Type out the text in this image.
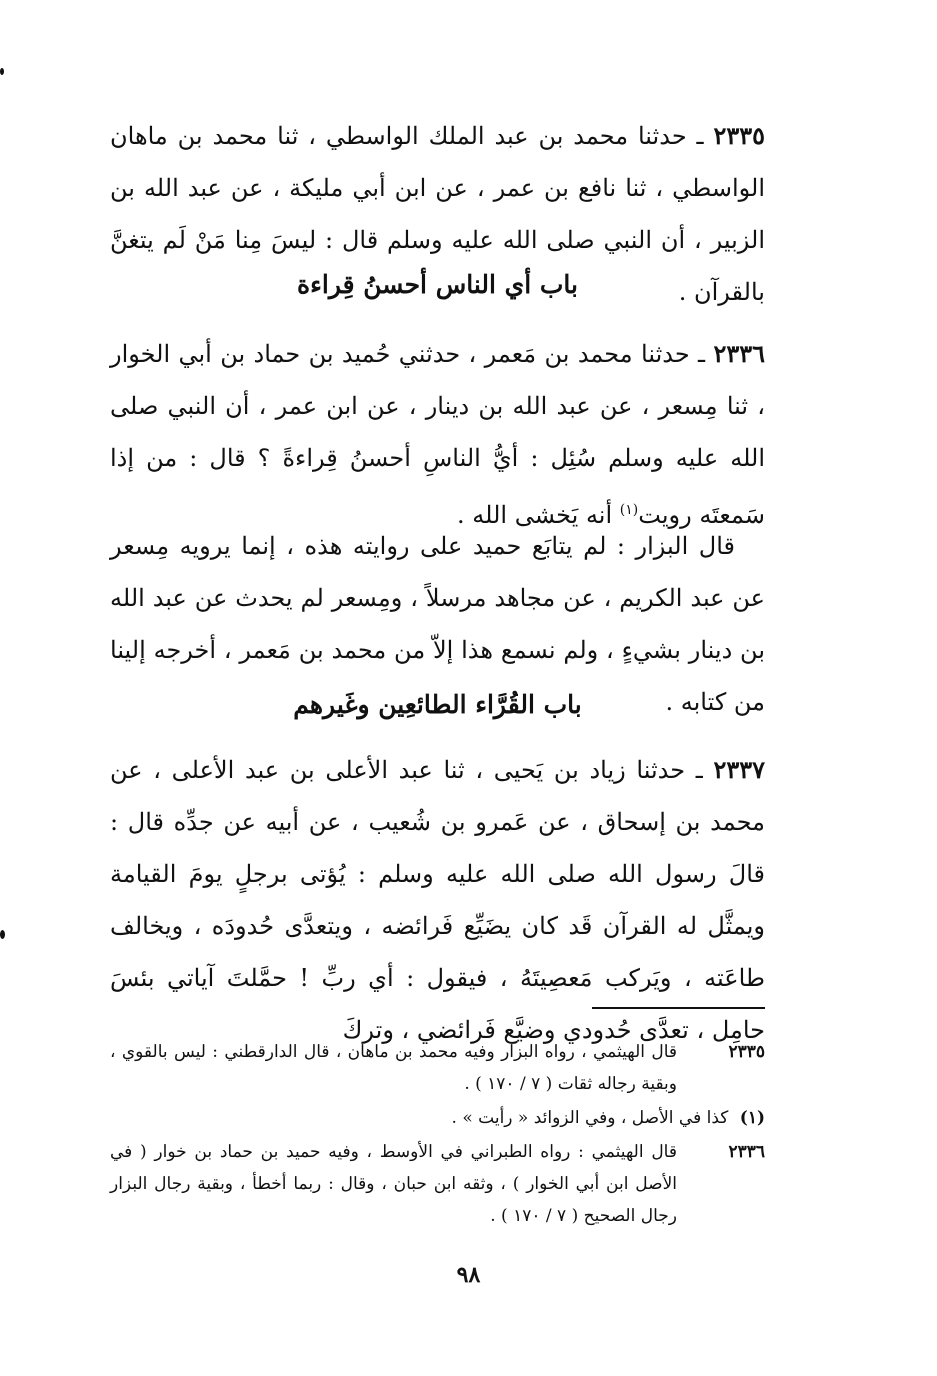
٢٣٣٥ ـ حدثنا محمد بن عبد الملك الواسطي ، ثنا محمد بن ماهان الواسطي ، ثنا نافع بن عمر ، عن ابن أبي مليكة ، عن عبد الله بن الزبير ، أن النبي صلى الله عليه وسلم قال : ليسَ مِنا مَنْ لَم يتغنَّ بالقرآن .
باب أي الناس أحسنُ قِراءة
٢٣٣٦ ـ حدثنا محمد بن مَعمر ، حدثني حُميد بن حماد بن أبي الخوار ، ثنا مِسعر ، عن عبد الله بن دينار ، عن ابن عمر ، أن النبي صلى الله عليه وسلم سُئِل : أيُّ الناسِ أحسنُ قِراءةً ؟ قال : من إذا سَمعتَه رويت$^{(١)}$ أنه يَخشى الله .
قال البزار : لم يتابَع حميد على روايته هذه ، إنما يرويه مِسعر عن عبد الكريم ، عن مجاهد مرسلاً ، ومِسعر لم يحدث عن عبد الله بن دينار بشيءٍ ، ولم نسمع هذا إلاّ من محمد بن مَعمر ، أخرجه إلينا من كتابه .
باب القُرَّاء الطائعِين وغَيرهم
٢٣٣٧ ـ حدثنا زياد بن يَحيى ، ثنا عبد الأعلى بن عبد الأعلى ، عن محمد بن إسحاق ، عن عَمرو بن شُعيب ، عن أبيه عن جدِّه قال : قالَ رسول الله صلى الله عليه وسلم : يُؤتى برجلٍ يومَ القيامة ويمثَّل له القرآن قَد كان يضَيِّع فَرائضه ، ويتعدَّى حُدودَه ، ويخالف طاعَته ، ويَركب مَعصِيتَهُ ، فيقول : أي ربِّ ! حمَّلتَ آياتي بئسَ حامِل ، تعدَّى حُدودي وضيَّع فَرائضي ، وتركَ
٢٣٣٥
قال الهيثمي ، رواه البزار وفيه محمد بن ماهان ، قال الدارقطني : ليس بالقوي ، وبقية رجاله ثقات ( ٧ / ١٧٠ ) .
(١) كذا في الأصل ، وفي الزوائد « رأيت » .
٢٣٣٦
قال الهيثمي : رواه الطبراني في الأوسط ، وفيه حميد بن حماد بن خوار ( في الأصل ابن أبي الخوار ) ، وثقه ابن حبان ، وقال : ربما أخطأ ، وبقية رجال البزار رجال الصحيح ( ٧ / ١٧٠ ) .
٩٨
